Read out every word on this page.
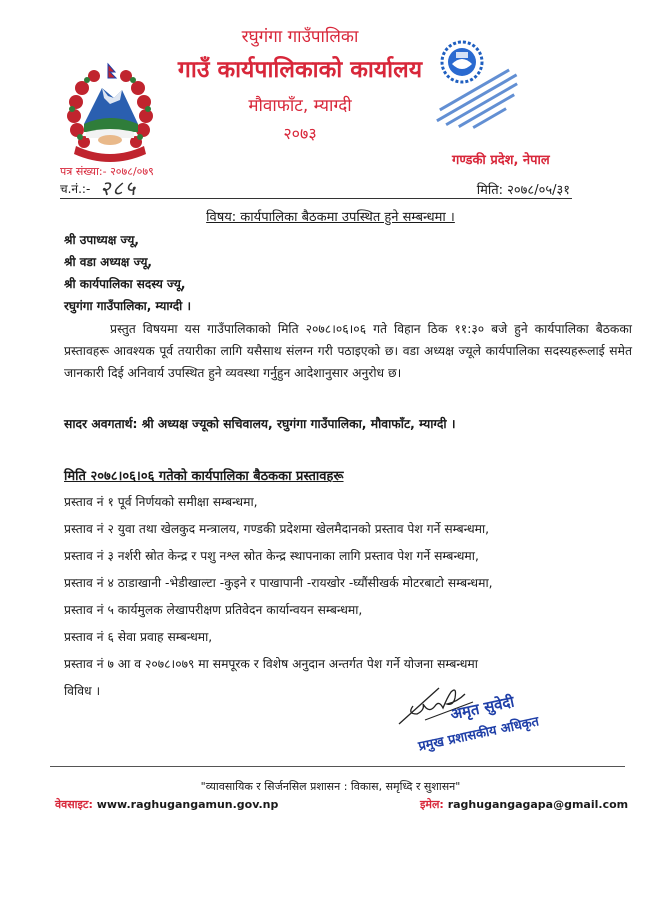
रघुगंगा गाउँपालिका
गाउँ कार्यपालिकाको कार्यालय
मौवाफाँट, म्याग्दी
२०७३
गण्डकी प्रदेश, नेपाल
पत्र संख्या:- २०७८/०७९
च.नं.:- २८५	मिति: २०७८/०५/३१
विषय: कार्यपालिका बैठकमा उपस्थित हुने सम्बन्धमा ।
श्री उपाध्यक्ष ज्यू,
श्री वडा अध्यक्ष ज्यू,
श्री कार्यपालिका सदस्य ज्यू,
रघुगंगा गाउँपालिका, म्याग्दी ।

प्रस्तुत विषयमा यस गाउँपालिकाको मिति २०७८।०६।०६ गते विहान ठिक ११:३० बजे हुने कार्यपालिका बैठकका प्रस्तावहरू आवश्यक पूर्व तयारीका लागि यसैसाथ संलग्न गरी पठाइएको छ। वडा अध्यक्ष ज्यूले कार्यपालिका सदस्यहरूलाई समेत जानकारी दिई अनिवार्य उपस्थित हुने व्यवस्था गर्नुहुन आदेशानुसार अनुरोध छ।

सादर अवगतार्थ: श्री अध्यक्ष ज्यूको सचिवालय, रघुगंगा गाउँपालिका, मौवाफाँट, म्याग्दी ।
मिति २०७८।०६।०६ गतेको कार्यपालिका बैठकका प्रस्तावहरू
प्रस्ताव नं १ पूर्व निर्णयको समीक्षा सम्बन्धमा,
प्रस्ताव नं २ युवा तथा खेलकुद मन्त्रालय, गण्डकी प्रदेशमा खेलमैदानको प्रस्ताव पेश गर्ने सम्बन्धमा,
प्रस्ताव नं ३ नर्शरी स्रोत केन्द्र र पशु नश्ल स्रोत केन्द्र स्थापनाका लागि प्रस्ताव पेश गर्ने सम्बन्धमा,
प्रस्ताव नं ४ ठाडाखानी -भेडीखाल्टा -कुइने र पाखापानी -रायखोर -घ्यौंसीखर्क मोटरबाटो सम्बन्धमा,
प्रस्ताव नं ५ कार्यमुलक लेखापरीक्षण प्रतिवेदन कार्यान्वयन सम्बन्धमा,
प्रस्ताव नं ६ सेवा प्रवाह सम्बन्धमा,
प्रस्ताव नं ७ आ व २०७८।०७९ मा समपूरक र विशेष अनुदान अन्तर्गत पेश गर्ने योजना सम्बन्धमा
विविध ।
अमृत सुवेदी
प्रमुख प्रशासकीय अधिकृत
"व्यावसायिक र सिर्जनसिल प्रशासन : विकास, समृध्दि र सुशासन"
वेवसाइट: www.raghugangamun.gov.np	इमेल: raghugangagapa@gmail.com
